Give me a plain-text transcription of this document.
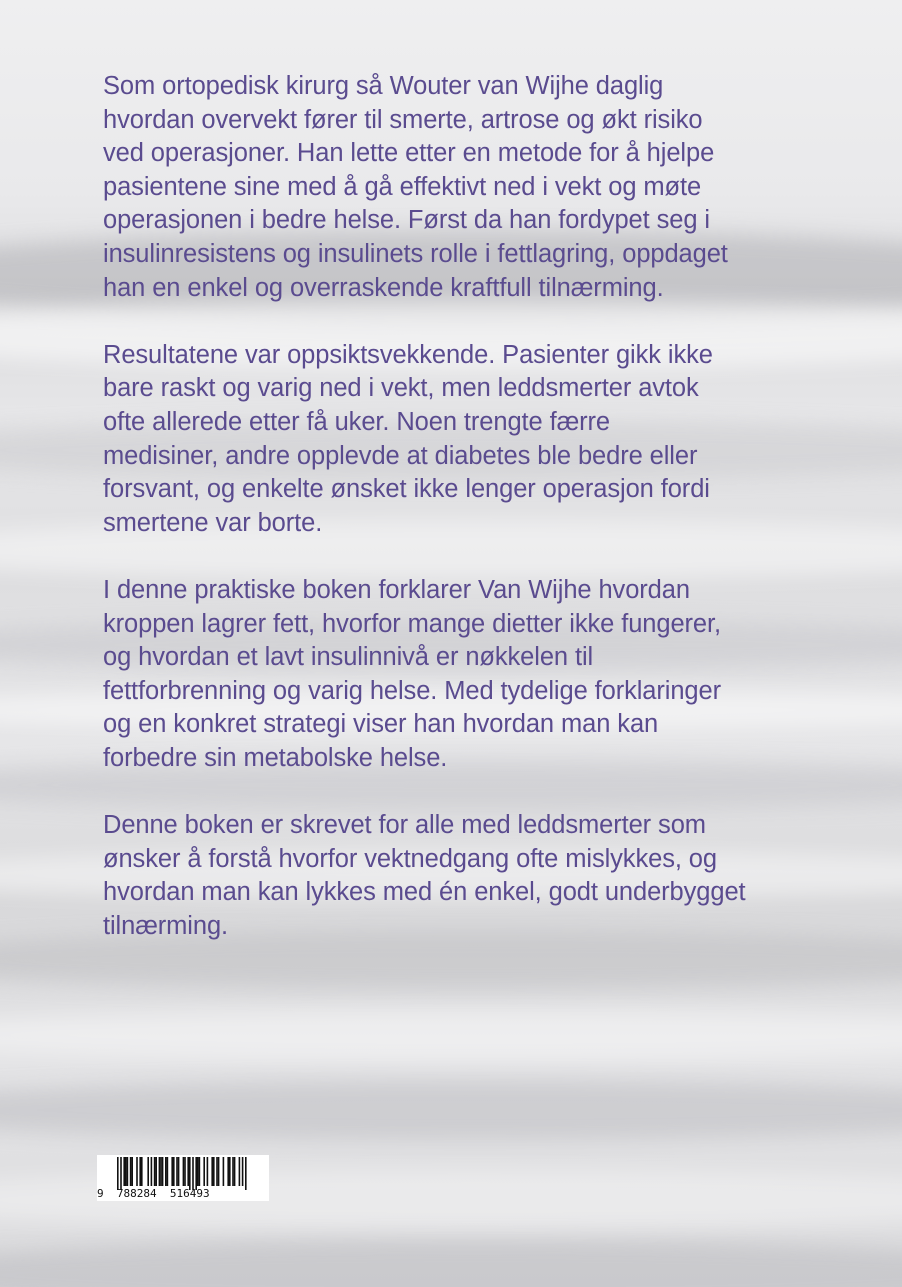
Som ortopedisk kirurg så Wouter van Wijhe daglig
hvordan overvekt fører til smerte, artrose og økt risiko
ved operasjoner. Han lette etter en metode for å hjelpe
pasientene sine med å gå effektivt ned i vekt og møte
operasjonen i bedre helse. Først da han fordypet seg i
insulinresistens og insulinets rolle i fettlagring, oppdaget
han en enkel og overraskende kraftfull tilnærming.

Resultatene var oppsiktsvekkende. Pasienter gikk ikke
bare raskt og varig ned i vekt, men leddsmerter avtok
ofte allerede etter få uker. Noen trengte færre
medisiner, andre opplevde at diabetes ble bedre eller
forsvant, og enkelte ønsket ikke lenger operasjon fordi
smertene var borte.

I denne praktiske boken forklarer Van Wijhe hvordan
kroppen lagrer fett, hvorfor mange dietter ikke fungerer,
og hvordan et lavt insulinnivå er nøkkelen til
fettforbrenning og varig helse. Med tydelige forklaringer
og en konkret strategi viser han hvordan man kan
forbedre sin metabolske helse.

Denne boken er skrevet for alle med leddsmerter som
ønsker å forstå hvorfor vektnedgang ofte mislykkes, og
hvordan man kan lykkes med én enkel, godt underbygget
tilnærming.

9  788284  516493
